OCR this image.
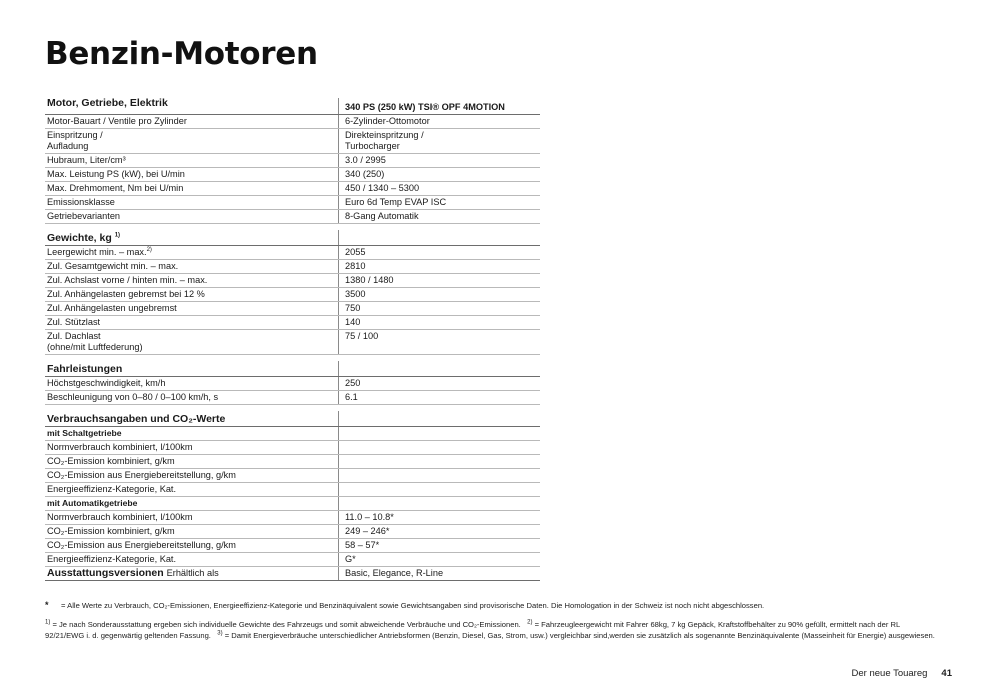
Benzin-Motoren
Motor, Getriebe, Elektrik	340 PS (250 kW) TSI® OPF 4MOTION
Motor-Bauart / Ventile pro Zylinder	6-Zylinder-Ottomotor
Einspritzung /
Aufladung	Direkteinspritzung /
Turbocharger
Hubraum, Liter/cm³	3.0 / 2995
Max. Leistung PS (kW), bei U/min	340 (250)
Max. Drehmoment, Nm bei U/min	450 / 1340 – 5300
Emissionsklasse	Euro 6d Temp EVAP ISC
Getriebevarianten	8-Gang Automatik

Gewichte, kg $^{1)}$	
Leergewicht min. – max.$^{2)}$	2055
Zul. Gesamtgewicht min. – max.	2810
Zul. Achslast vorne / hinten min. – max.	1380 / 1480
Zul. Anhängelasten gebremst bei 12 %	3500
Zul. Anhängelasten ungebremst	750
Zul. Stützlast	140
Zul. Dachlast
(ohne/mit Luftfederung)	75 / 100

Fahrleistungen	
Höchstgeschwindigkeit, km/h	250
Beschleunigung von 0–80 / 0–100 km/h, s	6.1

Verbrauchsangaben und CO₂-Werte	
mit Schaltgetriebe	
Normverbrauch kombiniert, l/100km	
CO₂-Emission kombiniert, g/km	
CO₂-Emission aus Energiebereitstellung, g/km	
Energieeffizienz-Kategorie, Kat.	
mit Automatikgetriebe	
Normverbrauch kombiniert, l/100km	11.0 – 10.8*
CO₂-Emission kombiniert, g/km	249 – 246*
CO₂-Emission aus Energiebereitstellung, g/km	58 – 57*
Energieeffizienz-Kategorie, Kat.	G*
Ausstattungsversionen Erhältlich als	Basic, Elegance, R-Line

* = Alle Werte zu Verbrauch, CO₂-Emissionen, Energieeffizienz-Kategorie und Benzinäquivalent sowie Gewichtsangaben sind provisorische Daten. Die Homologation in der Schweiz ist noch nicht abgeschlossen.

$^{1)}$ = Je nach Sonderausstattung ergeben sich individuelle Gewichte des Fahrzeugs und somit abweichende Verbräuche und CO₂-Emissionen. $^{2)}$ = Fahrzeugleergewicht mit Fahrer 68kg, 7 kg Gepäck, Kraftstoffbehälter zu 90% gefüllt, ermittelt nach der RL 92/21/EWG i. d. gegenwärtig geltenden Fassung. $^{3)}$ = Damit Energieverbräuche unterschiedlicher Antriebsformen (Benzin, Diesel, Gas, Strom, usw.) vergleichbar sind,werden sie zusätzlich als sogenannte Benzinäquivalente (Masseinheit für Energie) ausgewiesen.

Der neue Touareg 41
